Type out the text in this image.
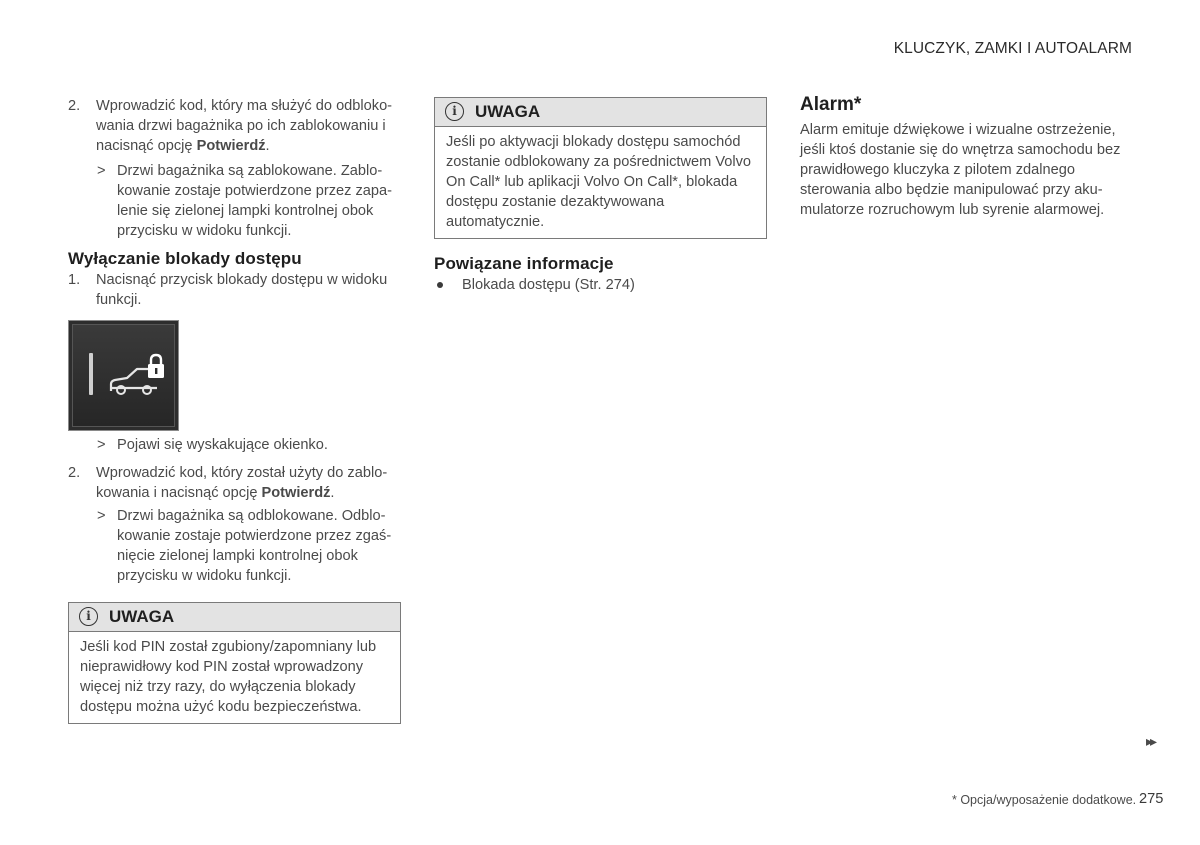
KLUCZYK, ZAMKI I AUTOALARM
2. Wprowadzić kod, który ma służyć do odbloko-wania drzwi bagażnika po ich zablokowaniu i nacisnąć opcję Potwierdź.

> Drzwi bagażnika są zablokowane. Zablo-kowanie zostaje potwierdzone przez zapa-lenie się zielonej lampki kontrolnej obok przycisku w widoku funkcji.

Wyłączanie blokady dostępu
1. Nacisnąć przycisk blokady dostępu w widoku funkcji.

> Pojawi się wyskakujące okienko.

2. Wprowadzić kod, który został użyty do zablo-kowania i nacisnąć opcję Potwierdź.

> Drzwi bagażnika są odblokowane. Odblo-kowanie zostaje potwierdzone przez zgaś-nięcie zielonej lampki kontrolnej obok przycisku w widoku funkcji.

i	UWAGA

Jeśli kod PIN został zgubiony/zapomniany lub nieprawidłowy kod PIN został wprowadzony więcej niż trzy razy, do wyłączenia blokady dostępu można użyć kodu bezpieczeństwa.

i	UWAGA

Jeśli po aktywacji blokady dostępu samochód zostanie odblokowany za pośrednictwem Volvo On Call* lub aplikacji Volvo On Call*, blokada dostępu zostanie dezaktywowana automatycznie.

Powiązane informacje

Blokada dostępu (Str. 274)

Alarm*

Alarm emituje dźwiękowe i wizualne ostrzeżenie, jeśli ktoś dostanie się do wnętrza samochodu bez prawidłowego kluczyka z pilotem zdalnego sterowania albo będzie manipulować przy aku-mulatorze rozruchowym lub syrenie alarmowej.

▸▸
* Opcja/wyposażenie dodatkowe. 275
